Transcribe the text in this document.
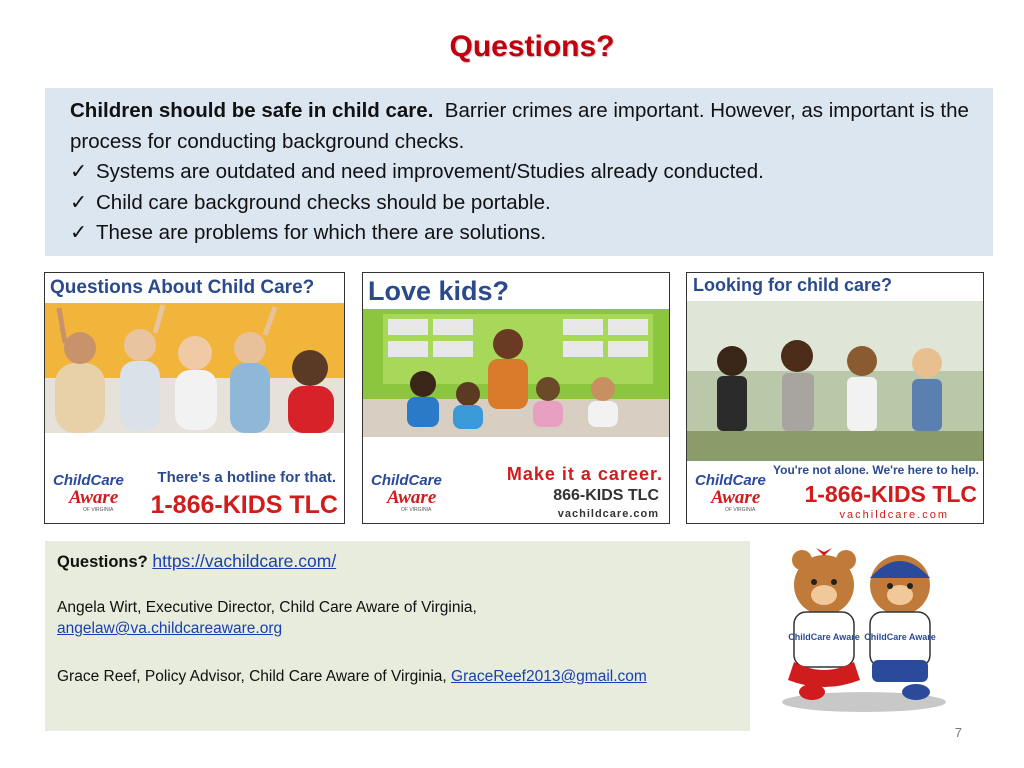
Questions?
Children should be safe in child care. Barrier crimes are important. However, as important is the process for conducting background checks.
✓ Systems are outdated and need improvement/Studies already conducted.
✓ Child care background checks should be portable.
✓ These are problems for which there are solutions.
Questions About Child Care?
There's a hotline for that.
1-866-KIDS TLC
ChildCare
Aware
OF VIRGINIA
Love kids?
Make it a career.
866-KIDS TLC
vachildcare.com
ChildCare
Aware
OF VIRGINIA
Looking for child care?
You're not alone. We're here to help.
1-866-KIDS TLC
vachildcare.com
ChildCare
Aware
OF VIRGINIA
Questions? https://vachildcare.com/
Angela Wirt, Executive Director, Child Care Aware of Virginia,
angelaw@va.childcareaware.org
Grace Reef, Policy Advisor, Child Care Aware of Virginia, GraceReef2013@gmail.com
ChildCare Aware ChildCare Aware
7
